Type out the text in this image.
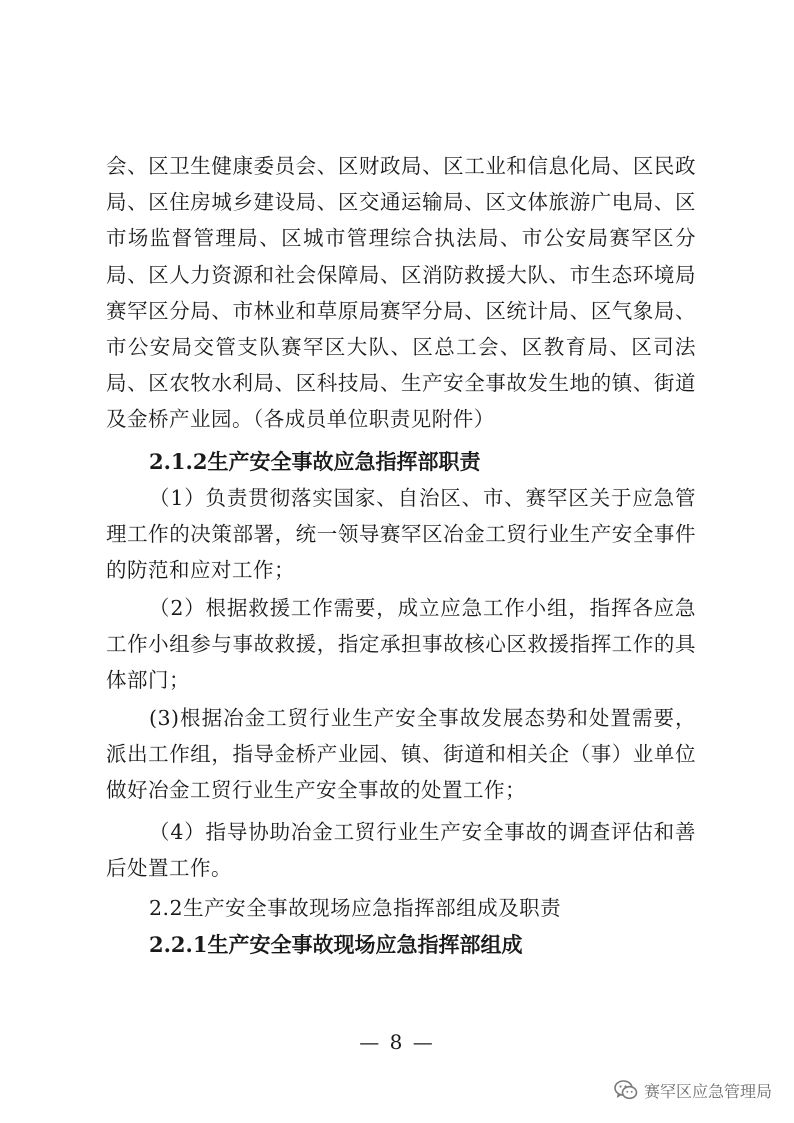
会、区卫生健康委员会、区财政局、区工业和信息化局、区民政局、区住房城乡建设局、区交通运输局、区文体旅游广电局、区市场监督管理局、区城市管理综合执法局、市公安局赛罕区分局、区人力资源和社会保障局、区消防救援大队、市生态环境局赛罕区分局、市林业和草原局赛罕分局、区统计局、区气象局、市公安局交管支队赛罕区大队、区总工会、区教育局、区司法局、区农牧水利局、区科技局、生产安全事故发生地的镇、街道及金桥产业园。（各成员单位职责见附件）

2.1.2生产安全事故应急指挥部职责

（1）负责贯彻落实国家、自治区、市、赛罕区关于应急管理工作的决策部署，统一领导赛罕区冶金工贸行业生产安全事件的防范和应对工作；

（2）根据救援工作需要，成立应急工作小组，指挥各应急工作小组参与事故救援，指定承担事故核心区救援指挥工作的具体部门；

(3)根据冶金工贸行业生产安全事故发展态势和处置需要，派出工作组，指导金桥产业园、镇、街道和相关企（事）业单位做好冶金工贸行业生产安全事故的处置工作；

（4）指导协助冶金工贸行业生产安全事故的调查评估和善后处置工作。

2.2生产安全事故现场应急指挥部组成及职责

2.2.1生产安全事故现场应急指挥部组成

— 8 —
赛罕区应急管理局
